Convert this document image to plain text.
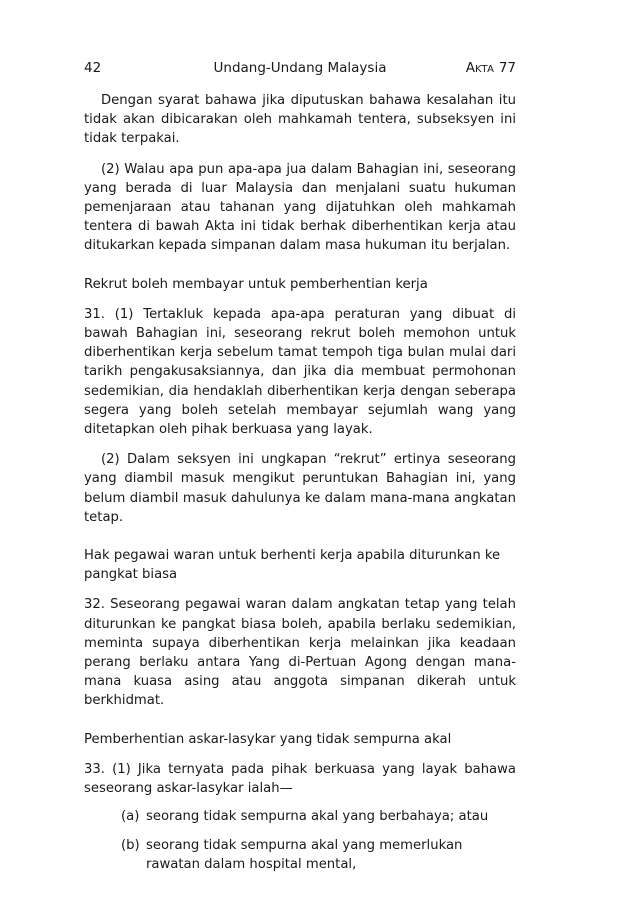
42	Undang-Undang Malaysia	AKTA 77

Dengan syarat bahawa jika diputuskan bahawa kesalahan itu tidak akan dibicarakan oleh mahkamah tentera, subseksyen ini tidak terpakai.

(2) Walau apa pun apa-apa jua dalam Bahagian ini, seseorang yang berada di luar Malaysia dan menjalani suatu hukuman pemenjaraan atau tahanan yang dijatuhkan oleh mahkamah tentera di bawah Akta ini tidak berhak diberhentikan kerja atau ditukarkan kepada simpanan dalam masa hukuman itu berjalan.

Rekrut boleh membayar untuk pemberhentian kerja

31. (1) Tertakluk kepada apa-apa peraturan yang dibuat di bawah Bahagian ini, seseorang rekrut boleh memohon untuk diberhentikan kerja sebelum tamat tempoh tiga bulan mulai dari tarikh pengakusaksiannya, dan jika dia membuat permohonan sedemikian, dia hendaklah diberhentikan kerja dengan seberapa segera yang boleh setelah membayar sejumlah wang yang ditetapkan oleh pihak berkuasa yang layak.

(2) Dalam seksyen ini ungkapan “rekrut” ertinya seseorang yang diambil masuk mengikut peruntukan Bahagian ini, yang belum diambil masuk dahulunya ke dalam mana-mana angkatan tetap.

Hak pegawai waran untuk berhenti kerja apabila diturunkan ke pangkat biasa

32. Seseorang pegawai waran dalam angkatan tetap yang telah diturunkan ke pangkat biasa boleh, apabila berlaku sedemikian, meminta supaya diberhentikan kerja melainkan jika keadaan perang berlaku antara Yang di-Pertuan Agong dengan mana-mana kuasa asing atau anggota simpanan dikerah untuk berkhidmat.

Pemberhentian askar-lasykar yang tidak sempurna akal

33. (1) Jika ternyata pada pihak berkuasa yang layak bahawa seseorang askar-lasykar ialah—

(a) seorang tidak sempurna akal yang berbahaya; atau
(b) seorang tidak sempurna akal yang memerlukan rawatan dalam hospital mental,
